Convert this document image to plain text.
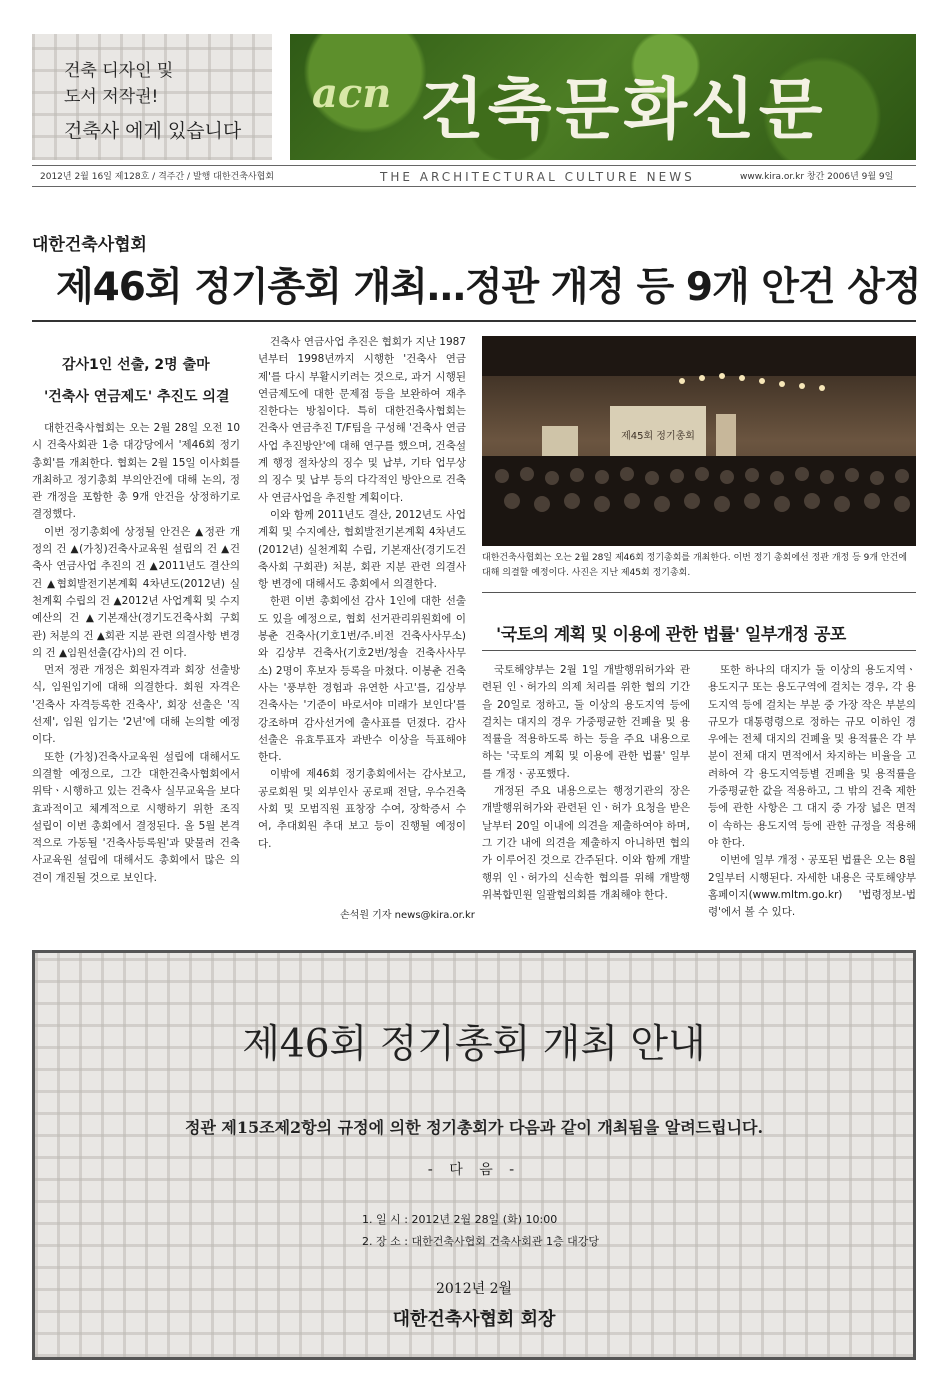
건축 디자인 및
도서 저작권!
건축사 에게 있습니다
acn 건축문화신문
2012년 2월 16일 제128호 / 격주간 / 발행 대한건축사협회	THE ARCHITECTURAL CULTURE NEWS	www.kira.or.kr 창간 2006년 9월 9일
대한건축사협회
제46회 정기총회 개최…정관 개정 등 9개 안건 상정
감사1인 선출, 2명 출마
'건축사 연금제도' 추진도 의결

대한건축사협회는 오는 2월 28일 오전 10시 건축사회관 1층 대강당에서 '제46회 정기총회'를 개최한다. 협회는 2월 15일 이사회를 개최하고 정기총회 부의안건에 대해 논의, 정관 개정을 포함한 총 9개 안건을 상정하기로 결정했다.

이번 정기총회에 상정될 안건은 ▲정관 개정의 건 ▲(가칭)건축사교육원 설립의 건 ▲건축사 연금사업 추진의 건 ▲2011년도 결산의 건 ▲협회발전기본계획 4차년도(2012년) 실천계획 수립의 건 ▲2012년 사업계획 및 수지예산의 건 ▲기본재산(경기도건축사회 구회관) 처분의 건 ▲회관 지분 관련 의결사항 변경의 건 ▲임원선출(감사)의 건 이다.

먼저 정관 개정은 회원자격과 회장 선출방식, 임원임기에 대해 의결한다. 회원 자격은 '건축사 자격등록한 건축사', 회장 선출은 '직선제', 임원 임기는 '2년'에 대해 논의할 예정이다.

또한 (가칭)건축사교육원 설립에 대해서도 의결할 예정으로, 그간 대한건축사협회에서 위탁ㆍ시행하고 있는 건축사 실무교육을 보다 효과적이고 체계적으로 시행하기 위한 조직 설립이 이번 총회에서 결정된다. 올 5월 본격적으로 가동될 '건축사등록원'과 맞물려 건축사교육원 설립에 대해서도 총회에서 많은 의견이 개진될 것으로 보인다.

건축사 연금사업 추진은 협회가 지난 1987년부터 1998년까지 시행한 '건축사 연금제'를 다시 부활시키려는 것으로, 과거 시행된 연금제도에 대한 문제점 등을 보완하여 재추진한다는 방침이다. 특히 대한건축사협회는 건축사 연금추진 T/F팀을 구성해 '건축사 연금사업 추진방안'에 대해 연구를 했으며, 건축설계 행정 절차상의 징수 및 납부, 기타 업무상의 징수 및 납부 등의 다각적인 방안으로 건축사 연금사업을 추진할 계획이다.

이와 함께 2011년도 결산, 2012년도 사업계획 및 수지예산, 협회발전기본계획 4차년도(2012년) 실천계획 수립, 기본재산(경기도건축사회 구회관) 처분, 회관 지분 관련 의결사항 변경에 대해서도 총회에서 의결한다.

한편 이번 총회에선 감사 1인에 대한 선출도 있을 예정으로, 협회 선거관리위원회에 이봉춘 건축사(기호1번/주.비전 건축사사무소)와 김상부 건축사(기호2번/청솔 건축사사무소) 2명이 후보자 등록을 마쳤다. 이봉춘 건축사는 '풍부한 경험과 유연한 사고'를, 김상부 건축사는 '기준이 바로서야 미래가 보인다'를 강조하며 감사선거에 출사표를 던졌다. 감사 선출은 유효투표자 과반수 이상을 득표해야 한다.

이밖에 제46회 정기총회에서는 감사보고, 공로회원 및 외부인사 공로패 전달, 우수건축사회 및 모범직원 표창장 수여, 장학증서 수여, 추대회원 추대 보고 등이 진행될 예정이다.

손석원 기자 news@kira.or.kr
제45회 정기총회
대한건축사협회는 오는 2월 28일 제46회 정기총회를 개최한다. 이번 정기 총회에선 정관 개정 등 9개 안건에 대해 의결할 예정이다. 사진은 지난 제45회 정기총회.
'국토의 계획 및 이용에 관한 법률' 일부개정 공포

국토해양부는 2월 1일 개발행위허가와 관련된 인ㆍ허가의 의제 처리를 위한 협의 기간을 20일로 정하고, 둘 이상의 용도지역 등에 걸치는 대지의 경우 가중평균한 건폐율 및 용적률을 적용하도록 하는 등을 주요 내용으로 하는 '국토의 계획 및 이용에 관한 법률' 일부를 개정ㆍ공포했다.

개정된 주요 내용으로는 행정기관의 장은 개발행위허가와 관련된 인ㆍ허가 요청을 받은 날부터 20일 이내에 의견을 제출하여야 하며, 그 기간 내에 의견을 제출하지 아니하면 협의가 이루어진 것으로 간주된다. 이와 함께 개발행위 인ㆍ허가의 신속한 협의를 위해 개발행위복합민원 일괄협의회를 개최해야 한다.

또한 하나의 대지가 둘 이상의 용도지역ㆍ용도지구 또는 용도구역에 걸치는 경우, 각 용도지역 등에 걸치는 부분 중 가장 작은 부분의 규모가 대통령령으로 정하는 규모 이하인 경우에는 전체 대지의 건폐율 및 용적률은 각 부분이 전체 대지 면적에서 차지하는 비율을 고려하여 각 용도지역등별 건폐율 및 용적률을 가중평균한 값을 적용하고, 그 밖의 건축 제한 등에 관한 사항은 그 대지 중 가장 넓은 면적이 속하는 용도지역 등에 관한 규정을 적용해야 한다.

이번에 일부 개정ㆍ공포된 법률은 오는 8월 2일부터 시행된다. 자세한 내용은 국토해양부 홈페이지(www.mltm.go.kr) '법령정보-법령'에서 볼 수 있다.

제46회 정기총회 개최 안내
정관 제15조제2항의 규정에 의한 정기총회가 다음과 같이 개최됨을 알려드립니다.
- 다 음 -
1. 일 시 : 2012년 2월 28일 (화) 10:00
2. 장 소 : 대한건축사협회 건축사회관 1층 대강당
2012년 2월
대한건축사협회 회장
